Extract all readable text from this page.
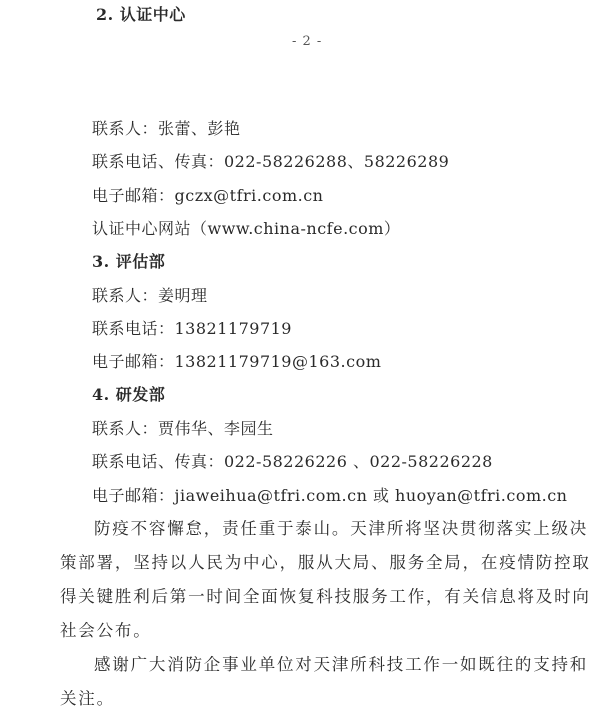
2. 认证中心
- 2 -
联系人：张蕾、彭艳
联系电话、传真：022-58226288、58226289
电子邮箱：gczx@tfri.com.cn
认证中心网站（www.china-ncfe.com）
3. 评估部
联系人：姜明理
联系电话：13821179719
电子邮箱：13821179719@163.com
4. 研发部
联系人：贾伟华、李园生
联系电话、传真：022-58226226 、022-58226228
电子邮箱：jiaweihua@tfri.com.cn 或 huoyan@tfri.com.cn
防疫不容懈怠，责任重于泰山。天津所将坚决贯彻落实上级决策部署，坚持以人民为中心，服从大局、服务全局，在疫情防控取得关键胜利后第一时间全面恢复科技服务工作，有关信息将及时向社会公布。
感谢广大消防企事业单位对天津所科技工作一如既往的支持和关注。
